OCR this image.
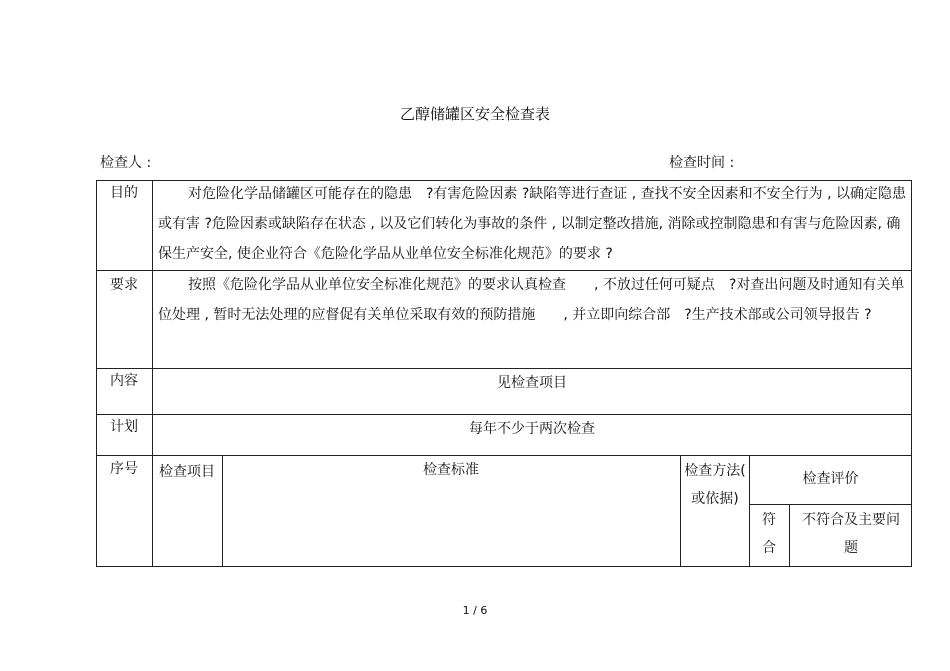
乙醇储罐区安全检查表
检查人 :	检查时间 :
目的	对危险化学品储罐区可能存在的隐患　?有害危险因素 ?缺陷等进行查证 , 查找不安全因素和不安全行为 , 以确定隐患或有害 ?危险因素或缺陷存在状态 , 以及它们转化为事故的条件 , 以制定整改措施, 消除或控制隐患和有害与危险因素, 确保生产安全, 使企业符合《危险化学品从业单位安全标准化规范》的要求 ?
要求	按照《危险化学品从业单位安全标准化规范》的要求认真检查　　, 不放过任何可疑点　?对查出问题及时通知有关单位处理 , 暂时无法处理的应督促有关单位采取有效的预防措施　　, 并立即向综合部　?生产技术部或公司领导报告 ?
内容	见检查项目
计划	每年不少于两次检查
序号	检查项目	检查标准	检查方法( 或依据)
检查评价
符合
不符合及主要问题
1 / 6
